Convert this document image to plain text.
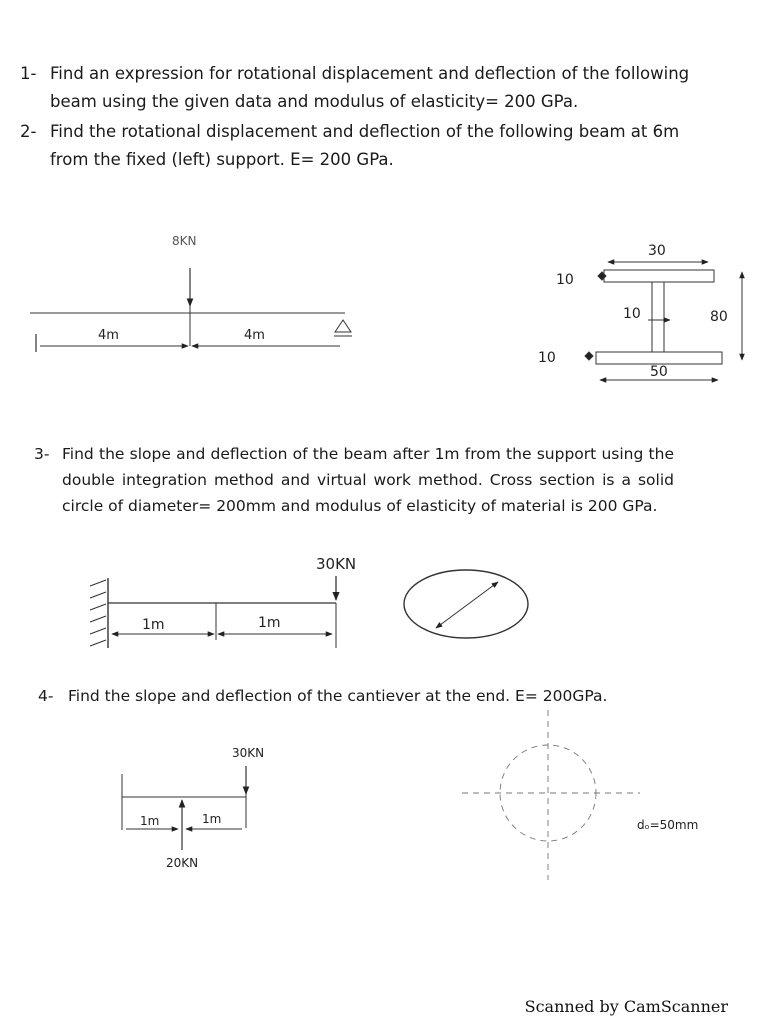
1- Find an expression for rotational displacement and deflection of the following beam using the given data and modulus of elasticity= 200 GPa.
2- Find the rotational displacement and deflection of the following beam at 6m from the fixed (left) support. E= 200 GPa.
3- Find the slope and deflection of the beam after 1m from the support using the double integration method and virtual work method. Cross section is a solid circle of diameter= 200mm and modulus of elasticity of material is 200 GPa.
4- Find the slope and deflection of the cantiever at the end. E= 200GPa.
8KN
4m	4m
30
10
10	80
10
50
30KN
1m	1m
30KN
1m	1m
20KN
dₒ=50mm
Scanned by CamScanner
